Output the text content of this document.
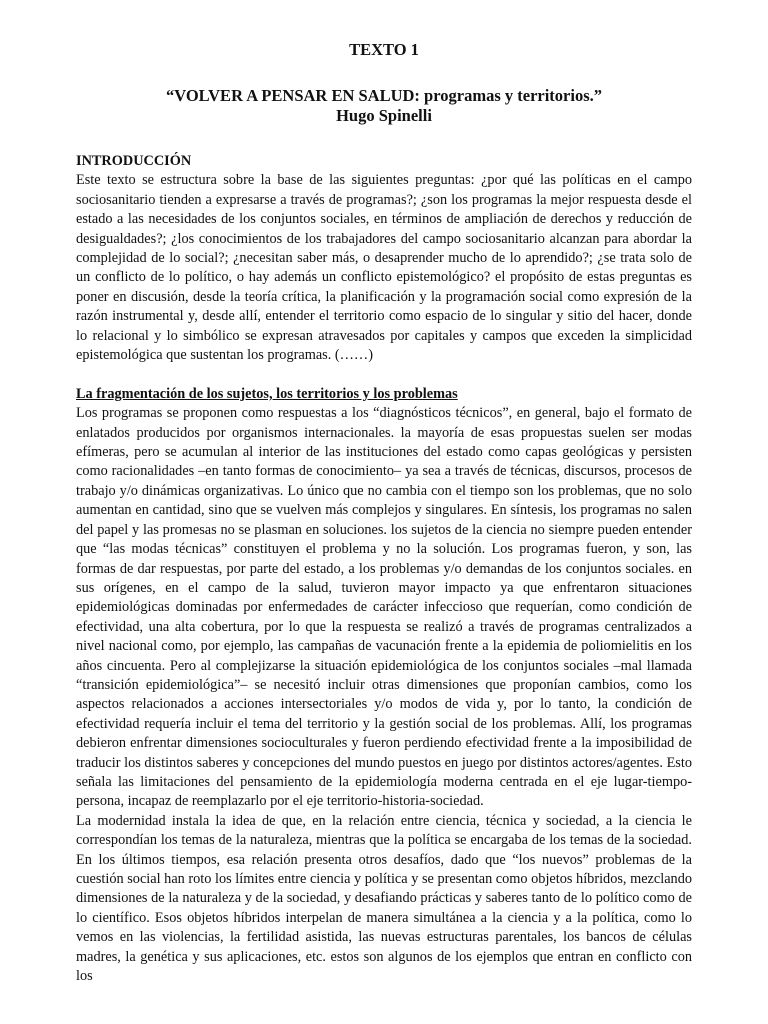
TEXTO 1
“VOLVER A PENSAR EN SALUD: programas y territorios.”
Hugo Spinelli
INTRODUCCIÓN

Este texto se estructura sobre la base de las siguientes preguntas: ¿por qué las políticas en el campo sociosanitario tienden a expresarse a través de programas?; ¿son los programas la mejor respuesta desde el estado a las necesidades de los conjuntos sociales, en términos de ampliación de derechos y reducción de desigualdades?; ¿los conocimientos de los trabajadores del campo sociosanitario alcanzan para abordar la complejidad de lo social?; ¿necesitan saber más, o desaprender mucho de lo aprendido?; ¿se trata solo de un conflicto de lo político, o hay además un conflicto epistemológico? el propósito de estas preguntas es poner en discusión, desde la teoría crítica, la planificación y la programación social como expresión de la razón instrumental y, desde allí, entender el territorio como espacio de lo singular y sitio del hacer, donde lo relacional y lo simbólico se expresan atravesados por capitales y campos que exceden la simplicidad epistemológica que sustentan los programas. (……)

La fragmentación de los sujetos, los territorios y los problemas

Los programas se proponen como respuestas a los “diagnósticos técnicos”, en general, bajo el formato de enlatados producidos por organismos internacionales. la mayoría de esas propuestas suelen ser modas efímeras, pero se acumulan al interior de las instituciones del estado como capas geológicas y persisten como racionalidades –en tanto formas de conocimiento– ya sea a través de técnicas, discursos, procesos de trabajo y/o dinámicas organizativas. Lo único que no cambia con el tiempo son los problemas, que no solo aumentan en cantidad, sino que se vuelven más complejos y singulares. En síntesis, los programas no salen del papel y las promesas no se plasman en soluciones. los sujetos de la ciencia no siempre pueden entender que “las modas técnicas” constituyen el problema y no la solución. Los programas fueron, y son, las formas de dar respuestas, por parte del estado, a los problemas y/o demandas de los conjuntos sociales. en sus orígenes, en el campo de la salud, tuvieron mayor impacto ya que enfrentaron situaciones epidemiológicas dominadas por enfermedades de carácter infeccioso que requerían, como condición de efectividad, una alta cobertura, por lo que la respuesta se realizó a través de programas centralizados a nivel nacional como, por ejemplo, las campañas de vacunación frente a la epidemia de poliomielitis en los años cincuenta. Pero al complejizarse la situación epidemiológica de los conjuntos sociales –mal llamada “transición epidemiológica”– se necesitó incluir otras dimensiones que proponían cambios, como los aspectos relacionados a acciones intersectoriales y/o modos de vida y, por lo tanto, la condición de efectividad requería incluir el tema del territorio y la gestión social de los problemas. Allí, los programas debieron enfrentar dimensiones socioculturales y fueron perdiendo efectividad frente a la imposibilidad de traducir los distintos saberes y concepciones del mundo puestos en juego por distintos actores/agentes. Esto señala las limitaciones del pensamiento de la epidemiología moderna centrada en el eje lugar-tiempo-persona, incapaz de reemplazarlo por el eje territorio-historia-sociedad.

La modernidad instala la idea de que, en la relación entre ciencia, técnica y sociedad, a la ciencia le correspondían los temas de la naturaleza, mientras que la política se encargaba de los temas de la sociedad. En los últimos tiempos, esa relación presenta otros desafíos, dado que “los nuevos” problemas de la cuestión social han roto los límites entre ciencia y política y se presentan como objetos híbridos, mezclando dimensiones de la naturaleza y de la sociedad, y desafiando prácticas y saberes tanto de lo político como de lo científico. Esos objetos híbridos interpelan de manera simultánea a la ciencia y a la política, como lo vemos en las violencias, la fertilidad asistida, las nuevas estructuras parentales, los bancos de células madres, la genética y sus aplicaciones, etc. estos son algunos de los ejemplos que entran en conflicto con los
